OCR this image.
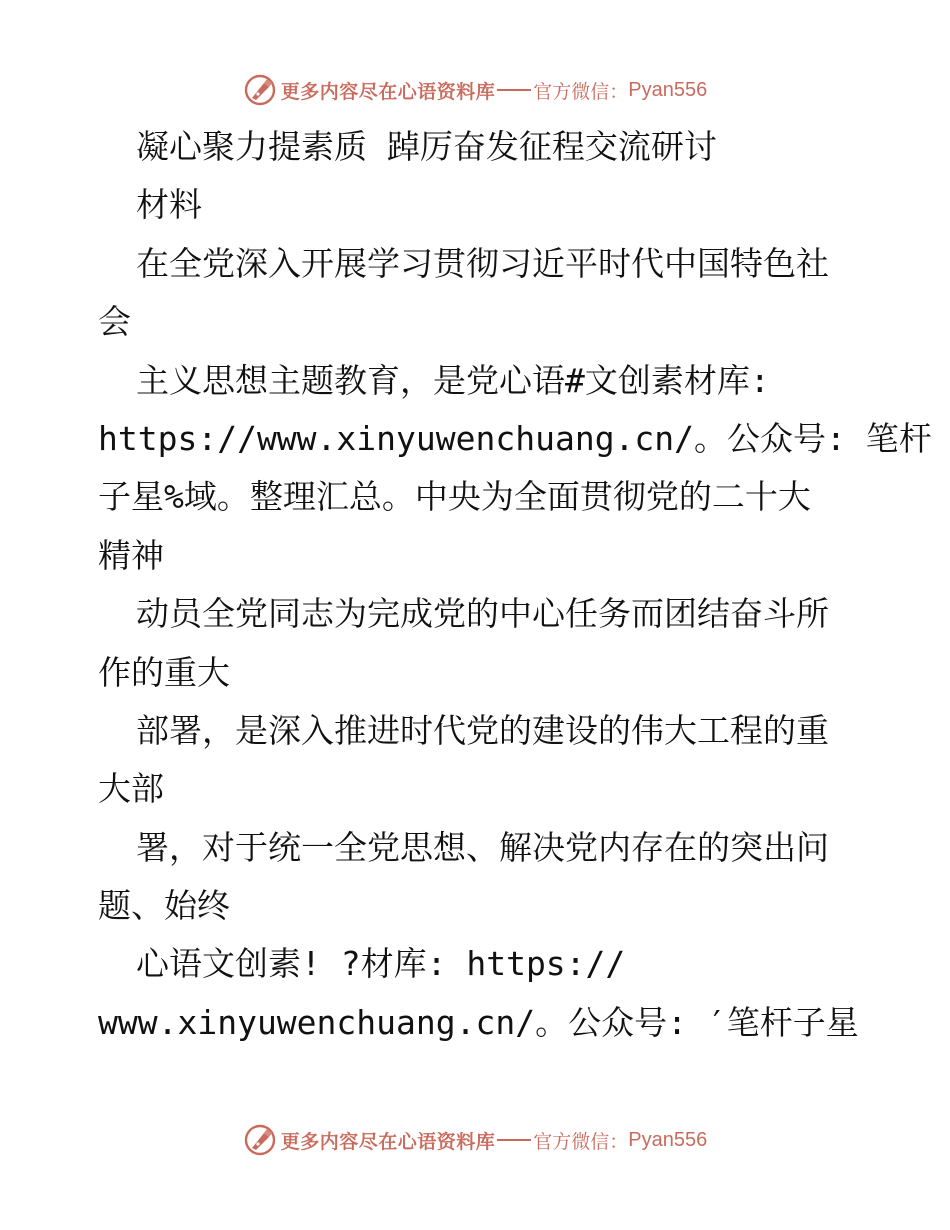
更多内容尽在心语资料库 官方微信： Pyan556
凝心聚力提素质 踔厉奋发征程交流研讨
材料
在全党深入开展学习贯彻习近平时代中国特色社
会
主义思想主题教育，是党心语#文创素材库:
https://www.xinyuwenchuang.cn/。公众号: 笔杆
子星%域。整理汇总。中央为全面贯彻党的二十大
精神
动员全党同志为完成党的中心任务而团结奋斗所
作的重大
部署，是深入推进时代党的建设的伟大工程的重
大部
署，对于统一全党思想、解决党内存在的突出问
题、始终
心语文创素! ?材库: https://
www.xinyuwenchuang.cn/。公众号: ′笔杆子星
更多内容尽在心语资料库 官方微信： Pyan556
